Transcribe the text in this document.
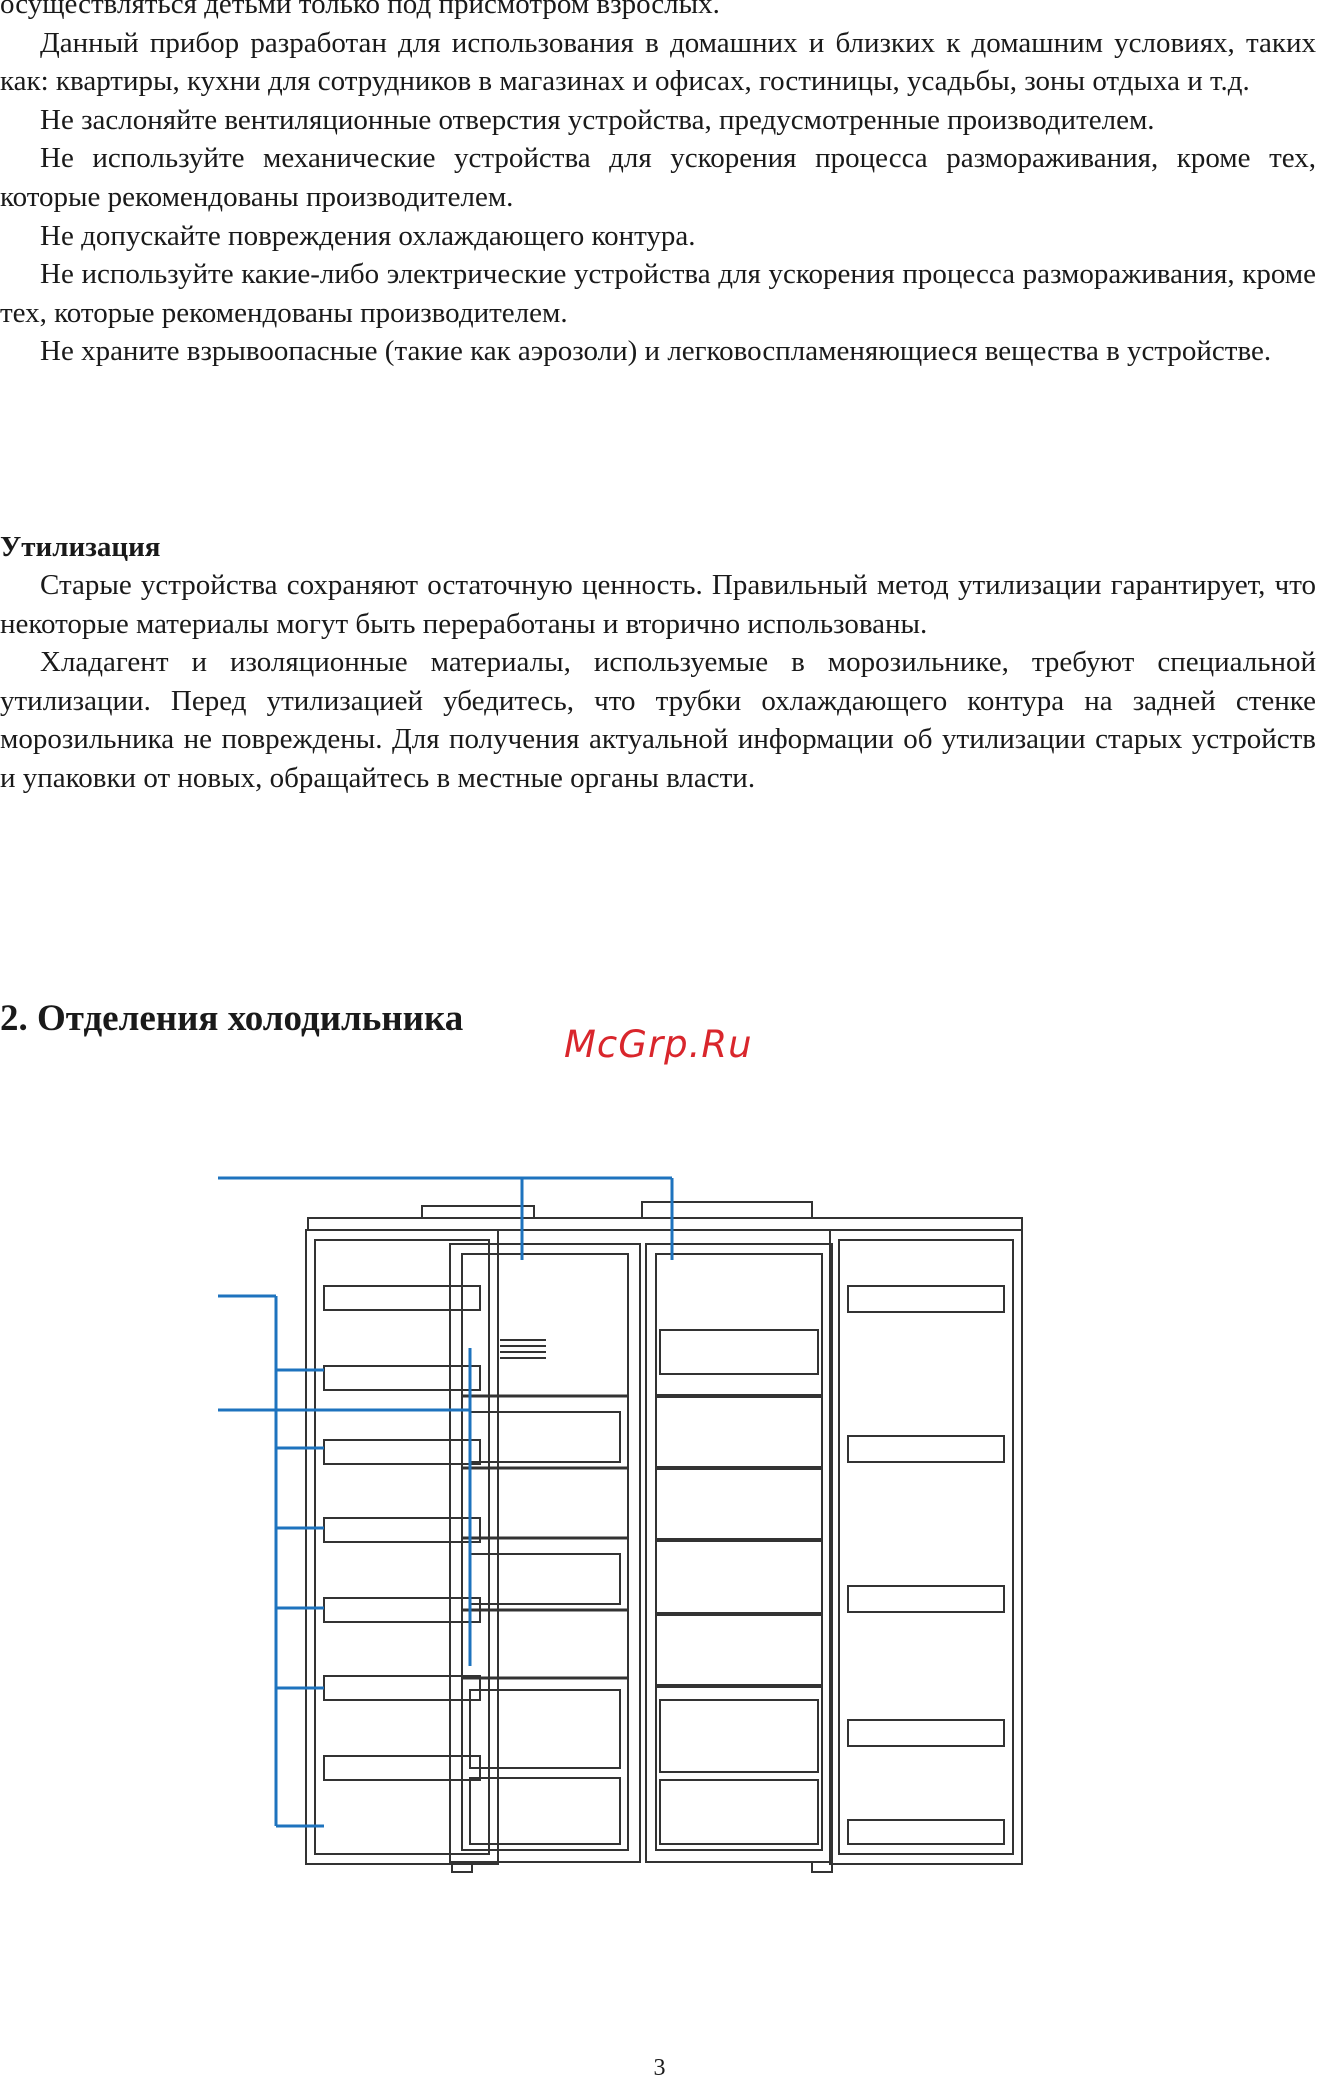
осуществляться детьми только под присмотром взрослых.

Данный прибор разработан для использования в домашних и близких к домашним условиях, таких как: квартиры, кухни для сотрудников в магазинах и офисах, гостиницы, усадьбы, зоны отдыха и т.д.

Не заслоняйте вентиляционные отверстия устройства, предусмотренные производителем.

Не используйте механические устройства для ускорения процесса размораживания, кроме тех, которые рекомендованы производителем.

Не допускайте повреждения охлаждающего контура.

Не используйте какие-либо электрические устройства для ускорения процесса размораживания, кроме тех, которые рекомендованы производителем.

Не храните взрывоопасные (такие как аэрозоли) и легковоспламеняющиеся вещества в устройстве.

Утилизация

Старые устройства сохраняют остаточную ценность. Правильный метод утилизации гарантирует, что некоторые материалы могут быть переработаны и вторично использованы.

Хладагент и изоляционные материалы, используемые в морозильнике, требуют специальной утилизации. Перед утилизацией убедитесь, что трубки охлаждающего контура на задней стенке морозильника не повреждены. Для получения актуальной информации об утилизации старых устройств и упаковки от новых, обращайтесь в местные органы власти.

2. Отделения холодильника
McGrp.Ru
3
